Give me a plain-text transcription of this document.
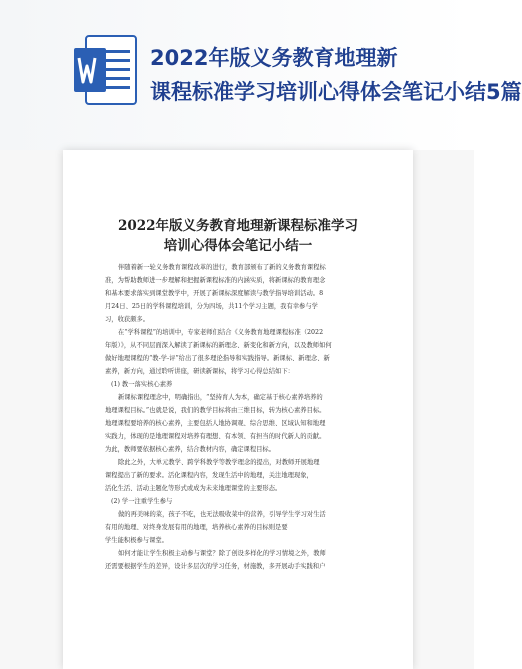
2022年版义务教育地理新
课程标准学习培训心得体会笔记小结5篇
2022年版义务教育地理新课程标准学习
培训心得体会笔记小结一
伴随着新一轮义务教育课程改革的进行，教育部颁布了新的义务教育课程标
准，为帮助教师进一步理解和把握新课程标准的内涵实质，将新课标的教育理念
和基本要求落实到课堂教学中，开展了新课标深度解读与教学指导培训活动。8
月24日、25日的学科课程培训，分为四场，共11个学习主题，我有幸参与学
习，收获颇多。
在“学科课程”的培训中，专家老师们结合《义务教育地理课程标准（2022
年版）》，从不同层面深入解读了新课标的新理念、新变化和新方向，以及教师如何
做好地理课程的“教-学-评”给出了很多理论指导和实践指导。新课标、新理念、新
素养，新方向，通过聆听讲座，研读新课标，将学习心得总结如下：
(1) 教一落实核心素养
新课标课程理念中，明确指出，“坚持育人为本，确定基于核心素养培养的
地理课程目标。”也就是说，我们的教学目标将由三维目标，转为核心素养目标。
地理课程要培养的核心素养，主要包括人地协调观、综合思维、区域认知和地理
实践力，体现的是地理课程对培养有理想、有本领、有担当的时代新人的贡献。
为此，教师要依据核心素养，结合教材内容，确定课程目标。
除此之外，大单元教学、跨学科教学等教学理念的提出，对教师开展地理
课程提出了新的要求。活化课程内容，发现生活中的地理，关注地理现象，
活化生活、活动主题化等形式或成为未来地理课堂的主要形态。
(2) 学一注重学生参与
做的再美味的菜，孩子不吃，也无法吸收菜中的营养，引导学生学习对生活
有用的地理、对终身发展有用的地理，培养核心素养的目标则是要
学生能积极参与课堂。
如何才能让学生积极主动参与课堂？除了创设多样化的学习情境之外，教师
还需要根据学生的差异，设计多层次的学习任务，材施教，多开展动手实践和户
